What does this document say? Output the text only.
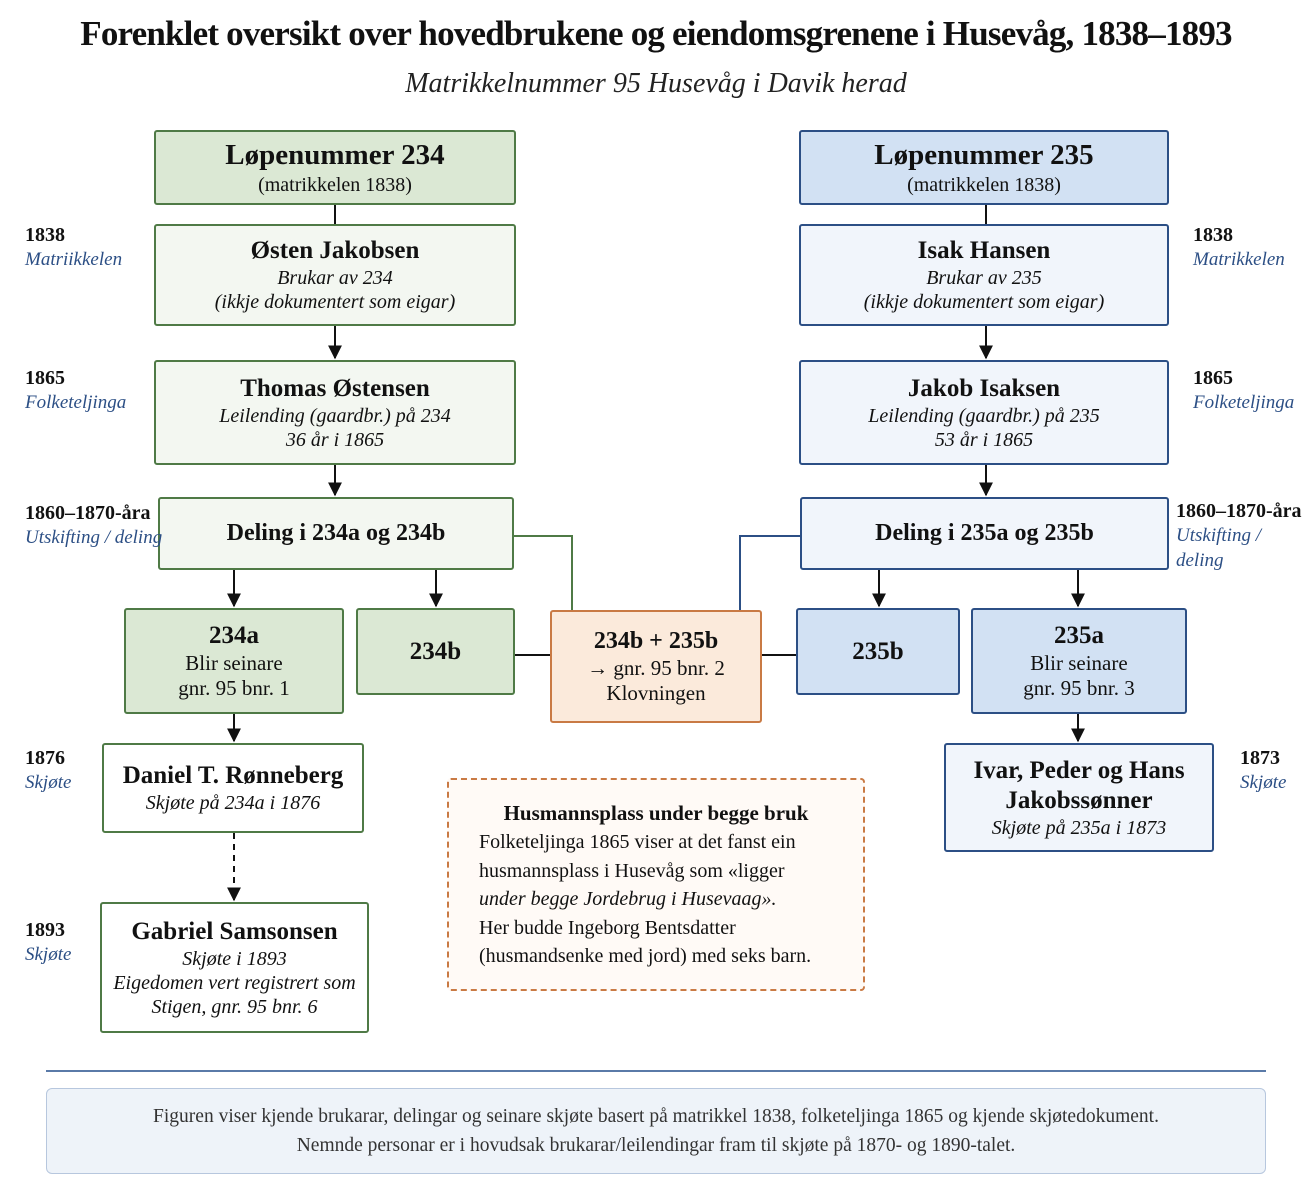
Forenklet oversikt over hovedbrukene og eiendomsgrenene i Husevåg, 1838–1893
Matrikkelnummer 95 Husevåg i Davik herad
Løpenummer 234
(matrikkelen 1838)
Østen Jakobsen
Brukar av 234
(ikkje dokumentert som eigar)
Thomas Østensen
Leilending (gaardbr.) på 234
36 år i 1865
Deling i 234a og 234b
234a
Blir seinare
gnr. 95 bnr. 1
234b
Daniel T. Rønneberg
Skjøte på 234a i 1876
Gabriel Samsonsen
Skjøte i 1893
Eigedomen vert registrert som
Stigen, gnr. 95 bnr. 6
234b + 235b
→ gnr. 95 bnr. 2
Klovningen
Løpenummer 235
(matrikkelen 1838)
Isak Hansen
Brukar av 235
(ikkje dokumentert som eigar)
Jakob Isaksen
Leilending (gaardbr.) på 235
53 år i 1865
Deling i 235a og 235b
235b
235a
Blir seinare
gnr. 95 bnr. 3
Ivar, Peder og Hans
Jakobssønner
Skjøte på 235a i 1873
1838
Matriikkelen
1865
Folketeljinga
1860–1870-åra
Utskifting / deling
1876
Skjøte
1893
Skjøte
1838
Matrikkelen
1865
Folketeljinga
1860–1870-åra
Utskifting / deling
1873
Skjøte
Husmannsplass under begge bruk
Folketeljinga 1865 viser at det fanst ein
husmannsplass i Husevåg som «ligger
under begge Jordebrug i Husevaag».
Her budde Ingeborg Bentsdatter
(husmandsenke med jord) med seks barn.
Figuren viser kjende brukarar, delingar og seinare skjøte basert på matrikkel 1838, folketeljinga 1865 og kjende skjøtedokument.
Nemnde personar er i hovudsak brukarar/leilendingar fram til skjøte på 1870- og 1890-talet.
